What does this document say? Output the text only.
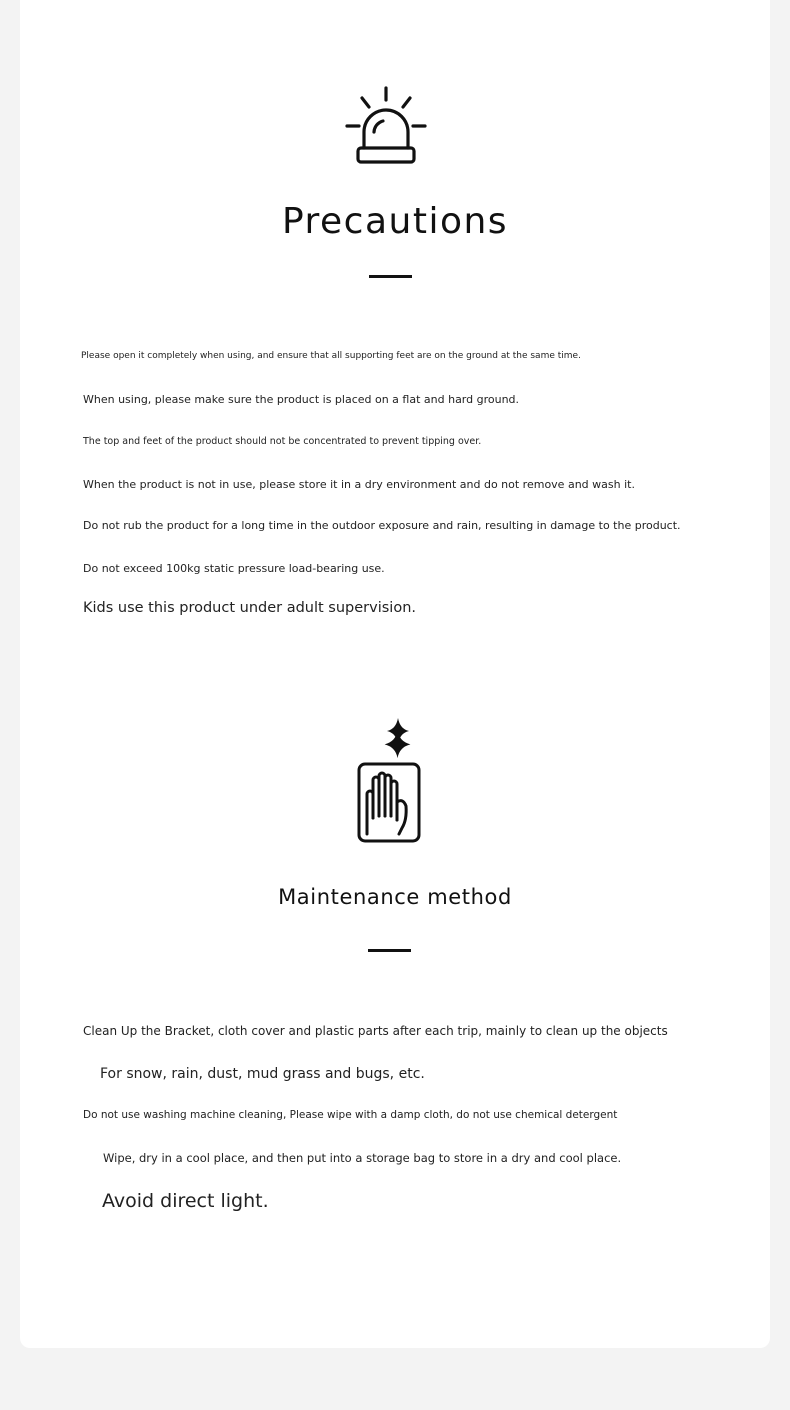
Precautions

Please open it completely when using, and ensure that all supporting feet are on the ground at the same time.

When using, please make sure the product is placed on a flat and hard ground.

The top and feet of the product should not be concentrated to prevent tipping over.

When the product is not in use, please store it in a dry environment and do not remove and wash it.

Do not rub the product for a long time in the outdoor exposure and rain, resulting in damage to the product.

Do not exceed 100kg static pressure load-bearing use.

Kids use this product under adult supervision.

Maintenance method

Clean Up the Bracket, cloth cover and plastic parts after each trip, mainly to clean up the objects

For snow, rain, dust, mud grass and bugs, etc.

Do not use washing machine cleaning, Please wipe with a damp cloth, do not use chemical detergent

Wipe, dry in a cool place, and then put into a storage bag to store in a dry and cool place.

Avoid direct light.
